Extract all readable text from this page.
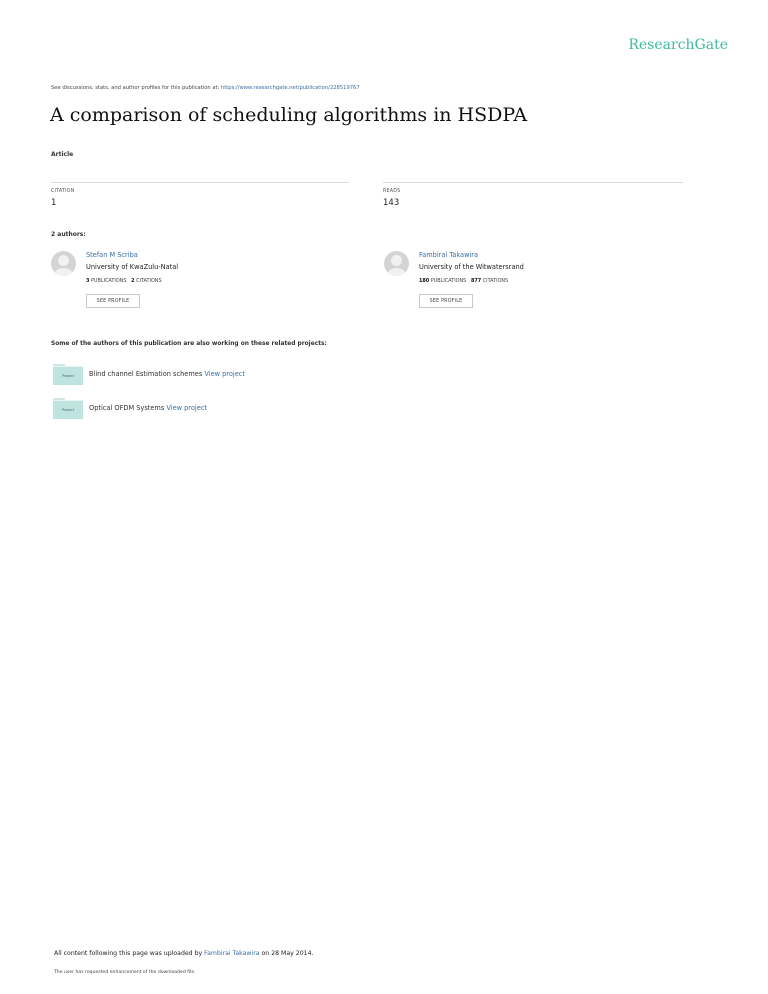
ResearchGate
See discussions, stats, and author profiles for this publication at: https://www.researchgate.net/publication/228519767
A comparison of scheduling algorithms in HSDPA
Article
CITATION
1
READS
143
2 authors:
Stefan M Scriba
University of KwaZulu-Natal
3 PUBLICATIONS 2 CITATIONS
SEE PROFILE
Fambirai Takawira
University of the Witwatersrand
180 PUBLICATIONS 877 CITATIONS
SEE PROFILE
Some of the authors of this publication are also working on these related projects:
Project	Blind channel Estimation schemes View project
Project	Optical OFDM Systems View project
All content following this page was uploaded by Fambirai Takawira on 28 May 2014.
The user has requested enhancement of the downloaded file.
